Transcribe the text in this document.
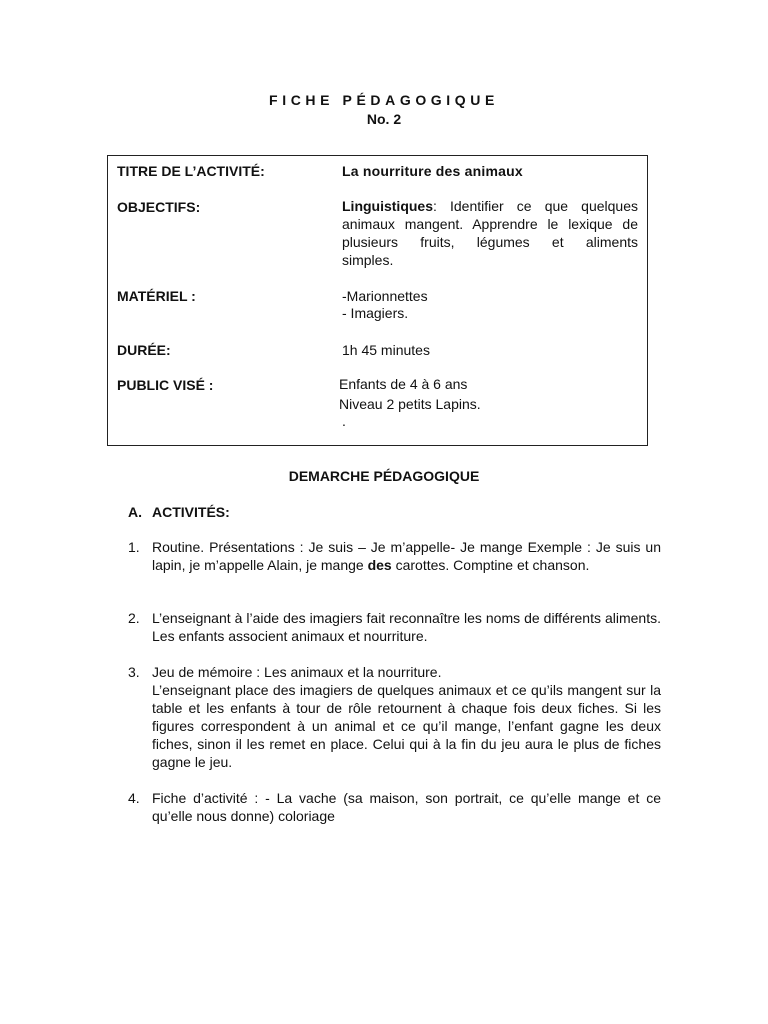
FICHE PÉDAGOGIQUE
No. 2
TITRE DE L’ACTIVITÉ:	La nourriture des animaux
OBJECTIFS:	Linguistiques: Identifier ce que quelques
animaux mangent. Apprendre le lexique de
plusieurs fruits, légumes et aliments
simples.
MATÉRIEL :	-Marionnettes
- Imagiers.
DURÉE:	1h 45 minutes
PUBLIC VISÉ :	Enfants de 4 à 6 ans
Niveau 2 petits Lapins.
.
DEMARCHE PÉDAGOGIQUE
A. ACTIVITÉS:
1. Routine. Présentations : Je suis – Je m’appelle- Je mange Exemple : Je suis un lapin, je m’appelle Alain, je mange des carottes. Comptine et chanson.
2. L’enseignant à l’aide des imagiers fait reconnaître les noms de différents aliments. Les enfants associent animaux et nourriture.
3. Jeu de mémoire : Les animaux et la nourriture.
L’enseignant place des imagiers de quelques animaux et ce qu’ils mangent sur la table et les enfants à tour de rôle retournent à chaque fois deux fiches. Si les figures correspondent à un animal et ce qu’il mange, l’enfant gagne les deux fiches, sinon il les remet en place. Celui qui à la fin du jeu aura le plus de fiches gagne le jeu.
4. Fiche d’activité : - La vache (sa maison, son portrait, ce qu’elle mange et ce qu’elle nous donne) coloriage
